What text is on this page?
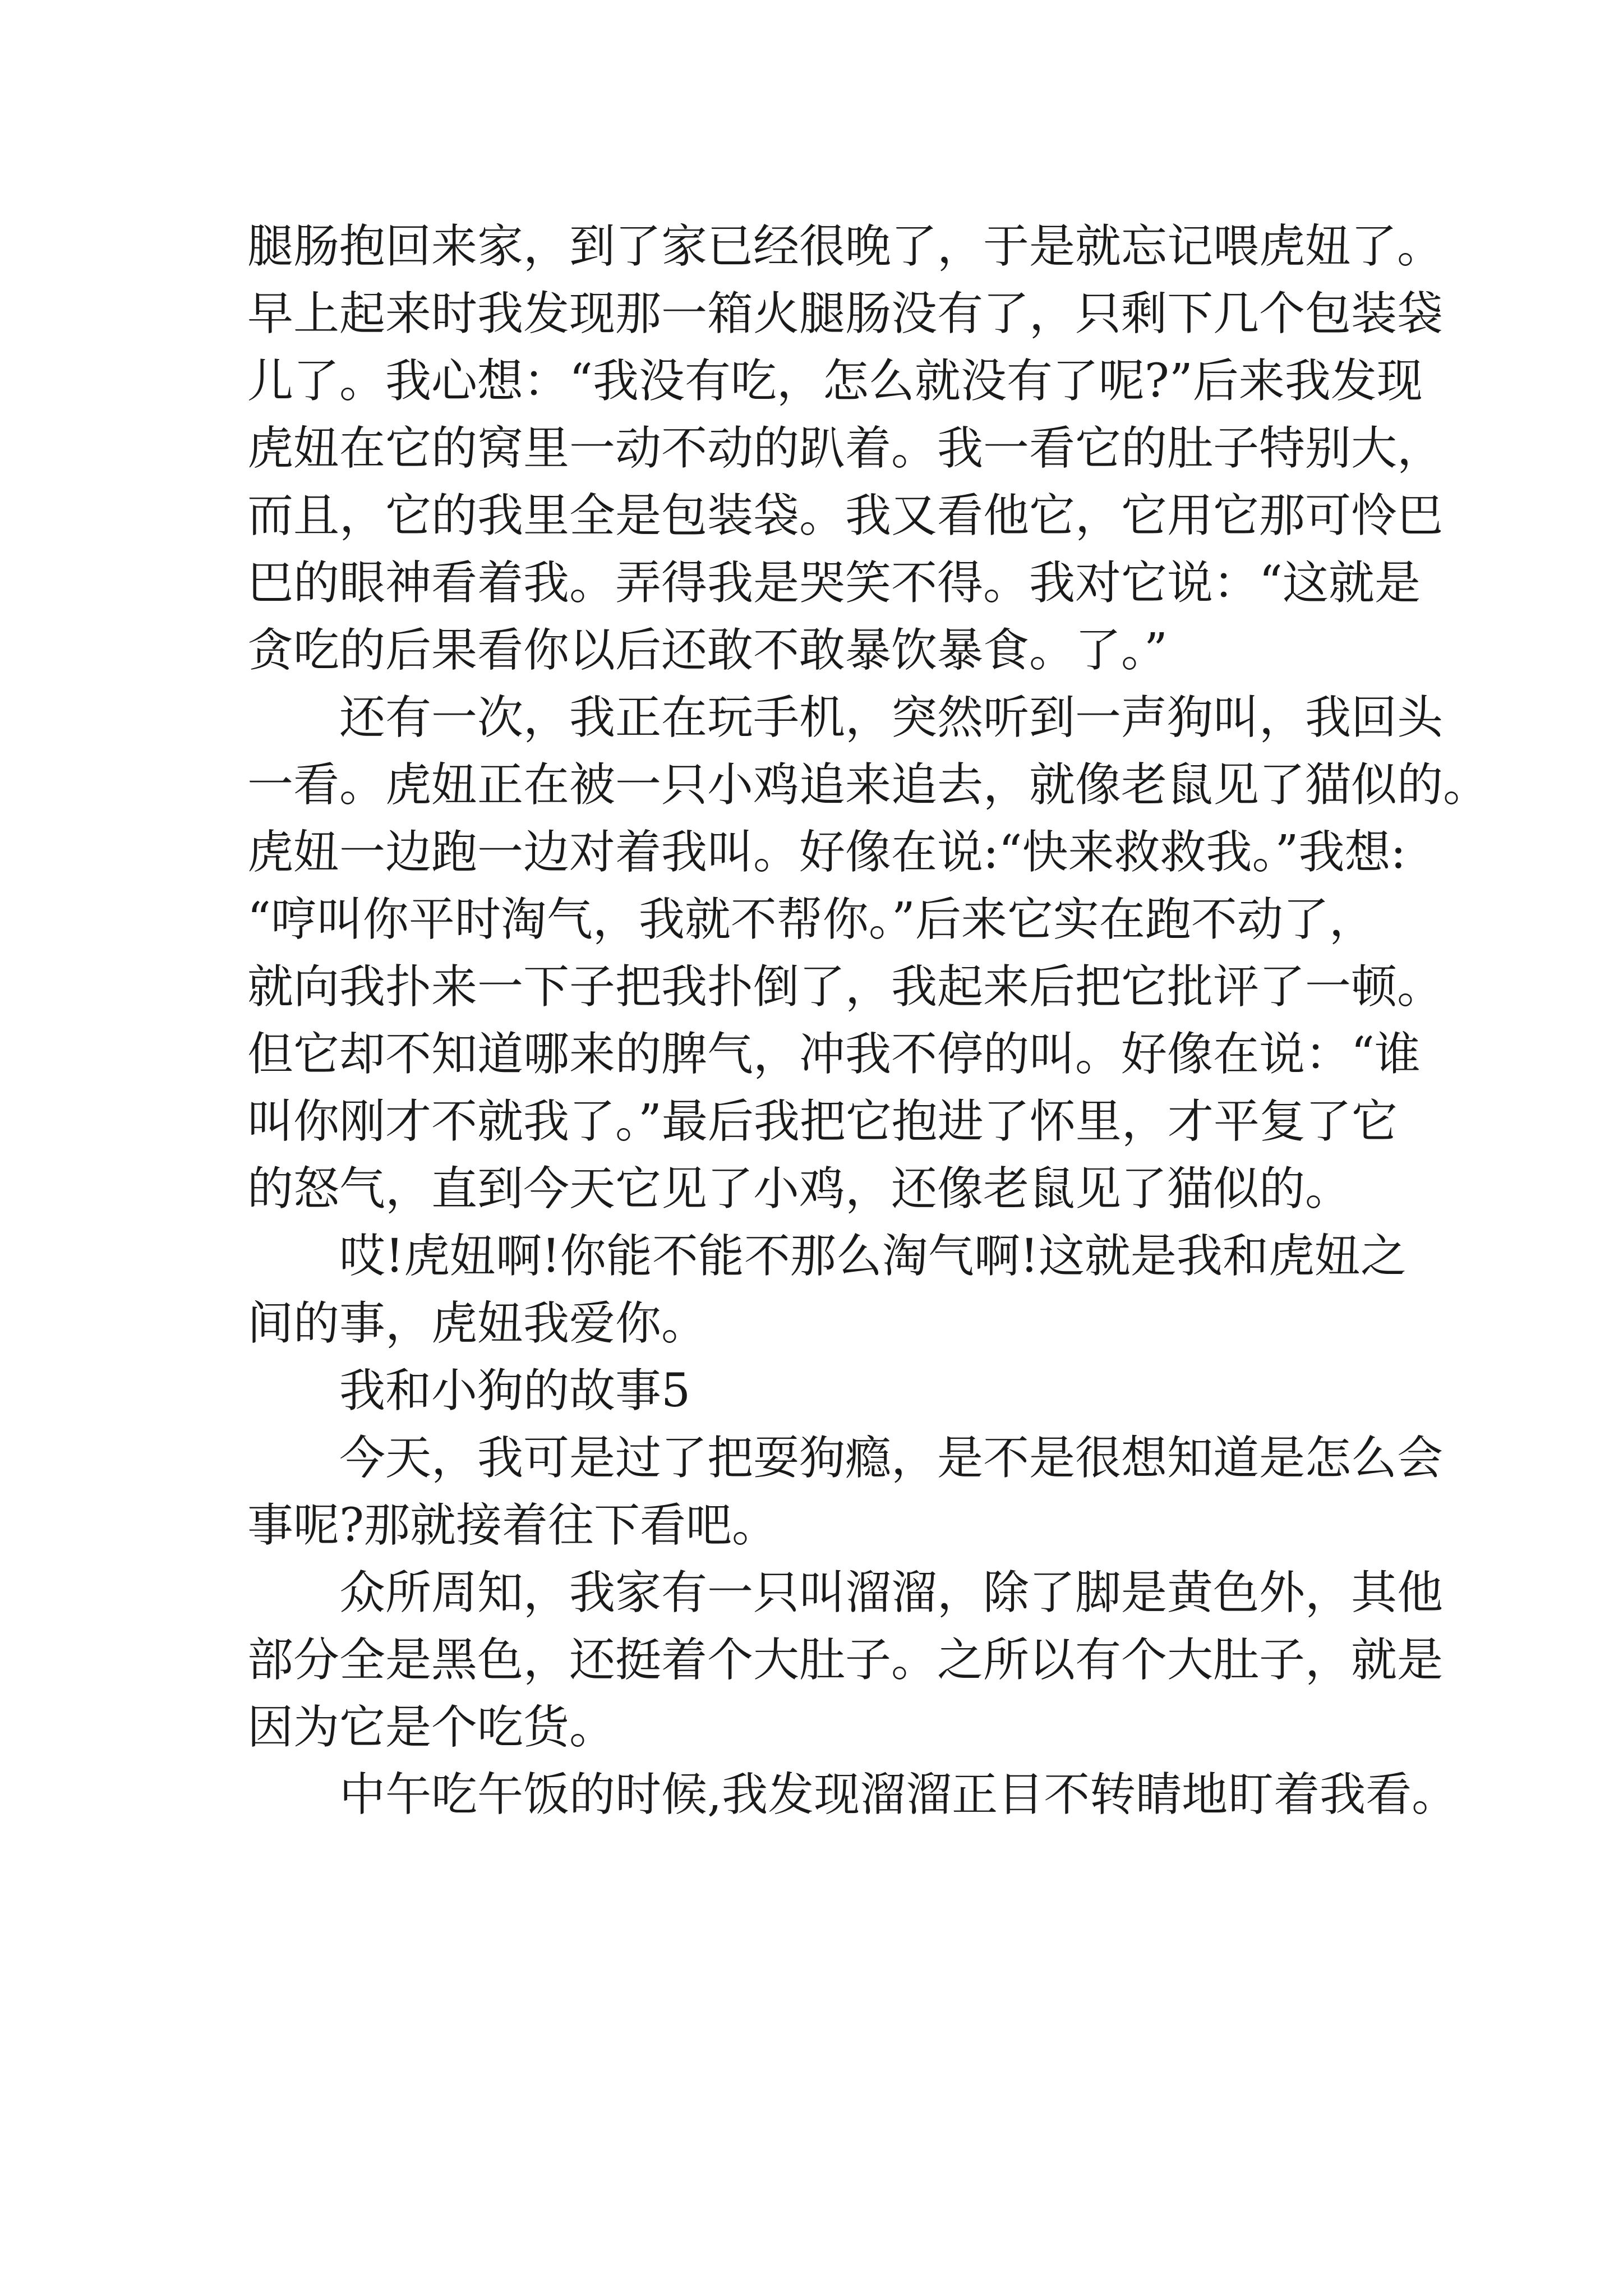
腿肠抱回来家，到了家已经很晚了，于是就忘记喂虎妞了。
早上起来时我发现那一箱火腿肠没有了，只剩下几个包装袋
儿了。我心想：“我没有吃，怎么就没有了呢?”后来我发现
虎妞在它的窝里一动不动的趴着。我一看它的肚子特别大，
而且，它的我里全是包装袋。我又看他它，它用它那可怜巴
巴的眼神看着我。弄得我是哭笑不得。我对它说：“这就是
贪吃的后果看你以后还敢不敢暴饮暴食。了。”
还有一次，我正在玩手机，突然听到一声狗叫，我回头
一看。虎妞正在被一只小鸡追来追去，就像老鼠见了猫似的。
虎妞一边跑一边对着我叫。好像在说:“快来救救我。”我想:
“哼叫你平时淘气，我就不帮你。”后来它实在跑不动了，
就向我扑来一下子把我扑倒了，我起来后把它批评了一顿。
但它却不知道哪来的脾气，冲我不停的叫。好像在说：“谁
叫你刚才不就我了。”最后我把它抱进了怀里，才平复了它
的怒气，直到今天它见了小鸡，还像老鼠见了猫似的。
哎!虎妞啊!你能不能不那么淘气啊!这就是我和虎妞之
间的事，虎妞我爱你。
我和小狗的故事5
今天，我可是过了把耍狗瘾，是不是很想知道是怎么会
事呢?那就接着往下看吧。
众所周知，我家有一只叫溜溜，除了脚是黄色外，其他
部分全是黑色，还挺着个大肚子。之所以有个大肚子，就是
因为它是个吃货。
中午吃午饭的时候,我发现溜溜正目不转睛地盯着我看。
